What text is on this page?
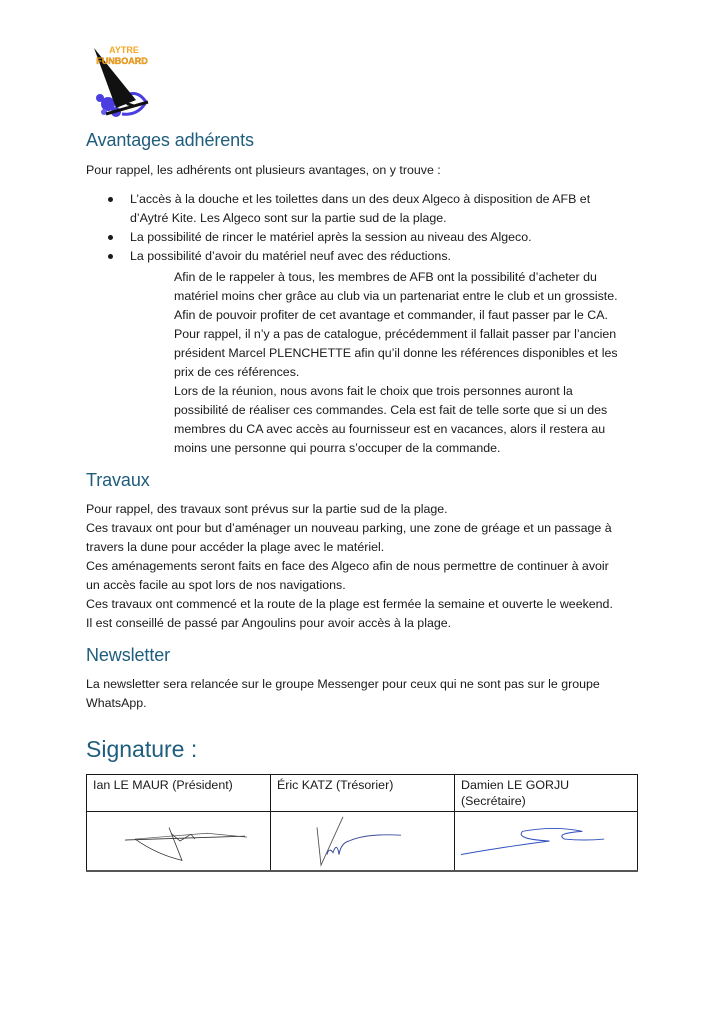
AYTRE
FUNBOARD
Avantages adhérents

Pour rappel, les adhérents ont plusieurs avantages, on y trouve :

L’accès à la douche et les toilettes dans un des deux Algeco à disposition de AFB et
d’Aytré Kite. Les Algeco sont sur la partie sud de la plage.
La possibilité de rincer le matériel après la session au niveau des Algeco.
La possibilité d’avoir du matériel neuf avec des réductions.
Afin de le rappeler à tous, les membres de AFB ont la possibilité d’acheter du
matériel moins cher grâce au club via un partenariat entre le club et un grossiste.
Afin de pouvoir profiter de cet avantage et commander, il faut passer par le CA.
Pour rappel, il n’y a pas de catalogue, précédemment il fallait passer par l’ancien
président Marcel PLENCHETTE afin qu’il donne les références disponibles et les
prix de ces références.
Lors de la réunion, nous avons fait le choix que trois personnes auront la
possibilité de réaliser ces commandes. Cela est fait de telle sorte que si un des
membres du CA avec accès au fournisseur est en vacances, alors il restera au
moins une personne qui pourra s’occuper de la commande.
Travaux
Pour rappel, des travaux sont prévus sur la partie sud de la plage.
Ces travaux ont pour but d’aménager un nouveau parking, une zone de gréage et un passage à
travers la dune pour accéder la plage avec le matériel.
Ces aménagements seront faits en face des Algeco afin de nous permettre de continuer à avoir
un accès facile au spot lors de nos navigations.
Ces travaux ont commencé et la route de la plage est fermée la semaine et ouverte le weekend.
Il est conseillé de passé par Angoulins pour avoir accès à la plage.
Newsletter
La newsletter sera relancée sur le groupe Messenger pour ceux qui ne sont pas sur le groupe
WhatsApp.
Signature :
Ian LE MAUR (Président)	Éric KATZ (Trésorier)	Damien LE GORJU
(Secrétaire)
